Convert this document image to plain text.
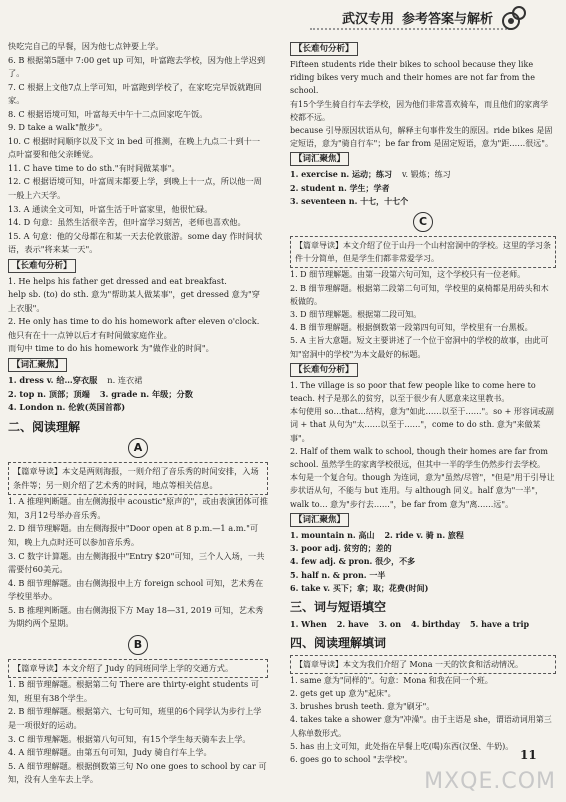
武汉专用 参考答案与解析

快吃完自己的早餐，因为他七点钟要上学。

6. B 根据第5题中 7:00 get up 可知，叶富跑去学校，因为他上学迟到了。

7. C 根据上文他7点上学可知，叶富跑到学校了，在家吃完早饭就跑回家。

8. C 根据语境可知，叶富每天中午十二点回家吃午饭。

9. D take a walk"散步"。

10. C 根据时间顺序以及下文 in bed 可推测，在晚上九点二十到十一点叶富要和他父亲睡觉。

11. C have time to do sth."有时间做某事"。

12. C 根据语境可知，叶富周末都要上学，到晚上十一点，所以他一周一般上六天学。

13. A 通读全文可知，叶富生活于叶富家里，他很忙碌。

14. D 句意：虽然生活很辛苦，但叶富学习刻苦，老师也喜欢他。

15. A 句意：他的父母都在和某一天去伦敦旅游。some day 作时间状语，表示"将来某一天"。

【长难句分析】

1. He helps his father get dressed and eat breakfast.

help sb. (to) do sth. 意为"帮助某人做某事"，get dressed 意为"穿上衣服"。

2. He only has time to do his homework after eleven o'clock.

他只有在十一点钟以后才有时间做家庭作业。

而句中 time to do his homework 为"做作业的时间"。

【词汇聚焦】
1. dress v. 给…穿衣服 n. 连衣裙
2. top n. 顶部；顶端 3. grade n. 年级；分数
4. London n. 伦敦(英国首都)
二、阅读理解
A

【篇章导读】本文是两则海报，一则介绍了音乐秀的时间安排，入场条件等；另一则介绍了艺术秀的时间，地点等相关信息。

1. A 推理判断题。由左侧海报中 acoustic"原声的"，或由表演团体可推知，3月12号举办音乐秀。

2. D 细节理解题。由左侧海报中"Door open at 8 p.m.—1 a.m."可知，晚上九点时还可以参加音乐秀。

3. C 数字计算题。由左侧海报中"Entry $20"可知，三个人入场，一共需要付60美元。

4. B 细节理解题。由右侧海报中上方 foreign school 可知，艺术秀在学校里举办。

5. B 推理判断题。由右侧海报下方 May 18—31, 2019 可知，艺术秀为期约两个星期。

B

【篇章导读】本文介绍了 Judy 的同班同学上学的交通方式。

1. B 细节理解题。根据第二句 There are thirty-eight students 可知，班里有38个学生。

2. B 细节理解题。根据第六、七句可知，班里的6个同学认为步行上学是一项很好的运动。

3. C 细节理解题。根据第八句可知，有15个学生每天骑车去上学。

4. A 细节理解题。由第五句可知，Judy 骑自行车上学。

5. A 细节理解题。根据倒数第三句 No one goes to school by car 可知，没有人坐车去上学。

【长难句分析】

Fifteen students ride their bikes to school because they like riding bikes very much and their homes are not far from the school.

有15个学生骑自行车去学校，因为他们非常喜欢骑车，而且他们的家离学校都不远。

because 引导原因状语从句，解释主句事件发生的原因。ride bikes 是固定短语，意为"骑自行车"；be far from 是固定短语，意为"距……很远"。

【词汇聚焦】
1. exercise n. 运动；练习 v. 锻炼；练习
2. student n. 学生；学者
3. seventeen n. 十七，十七个
C

【篇章导读】本文介绍了位于山丹一个山村窑洞中的学校。这里的学习条件十分简单，但是学生们都非常爱学习。

1. D 细节理解题。由第一段第六句可知，这个学校只有一位老师。

2. B 细节理解题。根据第二段第二句可知，学校里的桌椅都是用砖头和木板做的。

3. D 细节理解题。根据第二段可知。

4. B 细节理解题。根据倒数第一段第四句可知，学校里有一台黑板。

5. A 主旨大意题。短文主要讲述了一个位于窑洞中的学校的故事，由此可知"窑洞中的学校"为本文最好的标题。

【长难句分析】

1. The village is so poor that few people like to come here to teach. 村子是那么的贫穷，以至于很少有人愿意来这里教书。

本句使用 so…that…结构，意为"如此……以至于……"。so + 形容词或副词 + that 从句为"太……以至于……"，come to do sth. 意为"来做某事"。

2. Half of them walk to school, though their homes are far from school. 虽然学生的家离学校很远，但其中一半的学生仍然步行去学校。

本句是一个复合句。though 为连词，意为"虽然/尽管"，"但是"用于引导让步状语从句，不能与 but 连用。与 although 同义。half 意为"一半"，walk to… 意为"步行去……"，be far from 意为"离……远"。

【词汇聚焦】
1. mountain n. 高山 2. ride v. 骑 n. 旅程
3. poor adj. 贫穷的；差的
4. few adj. & pron. 很少，不多
5. half n. & pron. 一半
6. take v. 买下；拿；取；花费(时间)
三、词与短语填空
1. When 2. have 3. on 4. birthday 5. have a trip
四、阅读理解填词

【篇章导读】本文为我们介绍了 Mona 一天的饮食和活动情况。

1. same 意为"同样的"。句意：Mona 和我在同一个班。

2. gets get up 意为"起床"。

3. brushes brush teeth. 意为"刷牙"。

4. takes take a shower 意为"冲澡"。由于主语是 she，谓语动词用第三人称单数形式。

5. has 由上文可知，此处指在早餐上吃(喝)东西(汉堡、牛奶)。

6. goes go to school "去学校"。	11
MXQE.COM
